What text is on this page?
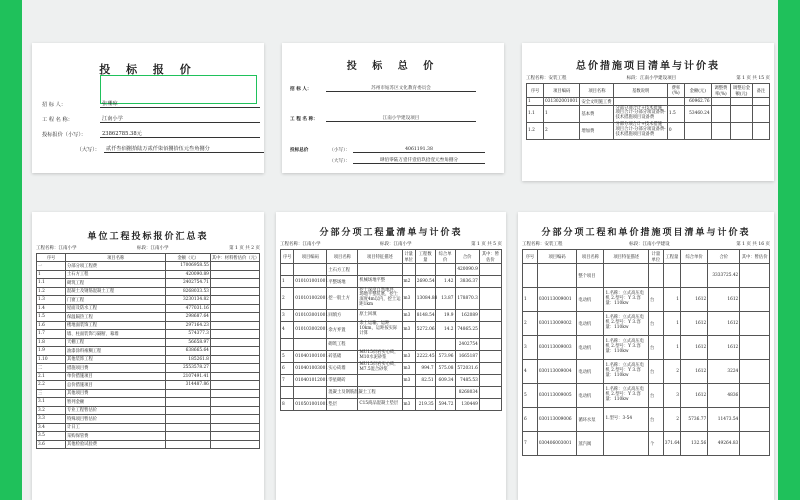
投 标 报 价
招 标 人：	张珊琼
工 程 名 称：	江南小学
投标报价（小写）：	23862785.38元
（大写）：	贰仟叁佰捌拾陆万贰仟柒佰捌拾伍元叁角捌分
投 标 总 价
招 标 人：	苏州市姑苏区文化教育委员会
工 程 名 称：	江南小学建设项目
投标总价	（小写）：	4061191.38
（大写）：	肆佰零陆万壹仟壹佰玖拾壹元叁角捌分
总价措施项目清单与计价表
工程名称：安装工程	标段：江南小学建设项目	第 1 页 共 15 页
序号	项目编码	项目名称	基数说明	费率(%)	金额(元)	调整费率(%)	调整后金额(元)	备注
1	031302001001	安全文明施工费			60962.76			
1.1	1	基本费	分部分项合计+技术措施项目合计-分部分项设备费-技术措施项目设备费	1.5	53460.24			
1.2	2	增加费	分部分项合计+技术措施项目合计-分部分项设备费-技术措施项目设备费	0				
单位工程投标报价汇总表
工程名称：江南小学	标段：江南小学	第 1 页 共 2 页
序号	项目名称	金额（元）	其中：材料暂估价（元）
一	分部分项工程费	17006958.55	
1	土石方工程	420090.89	
1.1	砌筑工程	2402754.71	
1.2	混凝土及钢筋混凝土工程	8268033.53	
1.3	门窗工程	3230134.82	
1.4	屋面及防水工程	477031.16	
1.5	保温隔热工程	298687.64	
1.6	楼地面装饰工程	297164.23	
1.7	墙、柱面装饰与隔断、幕墙	574377.3	
1.8	天棚工程	56658.97	
1.9	油漆涂料裱糊工程	638665.64	
1.10	其他装饰工程	185261.8	
二	措施项目费	2553578.27	
2.1	单价措施项目	2107491.41	
2.2	总价措施项目	314487.86	
三	其他项目费		
3.1	暂列金额		
3.2	专业工程暂估价		
3.3	特殊项目暂估价		
3.4	计日工		
3.5	采购保管费		
3.6	其他检验试验费		
分部分项工程量清单与计价表
工程名称：江南小学	标段：江南小学	第 1 页 共 5 页
序号	项目编码	项目名称	项目特征描述	计量单位	工程数量	综合单价	合价	其中：暂估价
		土石方工程					420090.9	
1	010101001001	平整场地	机械场地平整	m2	2690.54	1.42	3836.37	
2	010101002001	挖一般土方	挖土深度自然地坪，场地平整坑底，挖土深度4m以内，挖土运距1km	m3	13084.88	13.87	178870.3	
3	010103001001	回填方	原土回填	m3	8148.54	19.9	162089	
4	010103002001	余方弃置	余土运输，运距10km，运距按实际计算	m3	5272.06	14.2	74865.25	
		砌筑工程					2402754	
5	010401001001	砖基础	MU15页岩实心砖，M10水泥砂浆	m3	2222.45	573.96	1665187	
6	010401003001	实心砖墙	MU15页岩实心砖，M7.5混合砂浆	m3	994.7	575.08	572031.6	
7	010401012001	零星砌砖		m3	82.51	609.34	7485.53	
		混凝土及钢筋混凝土工程					8268034	
8	010501001001	垫层	C15商品混凝土垫层	m3	219.35	594.72	130449	
分部分项工程和单价措施项目清单与计价表
工程名称：安装工程	标段：江南小学建设	第 1 页 共 16 页
序号	项目编码	项目名称	项目特征描述	计量单位	工程量	综合单价	合价	其中：暂估价
		整个项目					3333725.42	
1	030113009001	电动机	1.名称：立式高压电机 2.型号：Y 3.容量：110kw	台	1	1612	1612	
2	030113009002	电动机	1.名称：立式高压电机 2.型号：Y 3.容量：110kw	台	1	1612	1612	
3	030113009003	电动机	1.名称：立式高压电机 2.型号：Y 3.容量：110kw	台	1	1612	1612	
4	030113009004	电动机	1.名称：立式高压电机 2.型号：Y 3.容量：110kw	台	2	1612	3224	
5	030113009005	电动机	1.名称：立式高压电机 2.型号：Y 3.容量：110kw	台	3	1612	4836	
6	030113009006	循环水泵	1.型号：3-54	台	2	5736.77	11473.54	
7	030406003001	蒸汽阀		个	371.64	132.56	49264.83	
